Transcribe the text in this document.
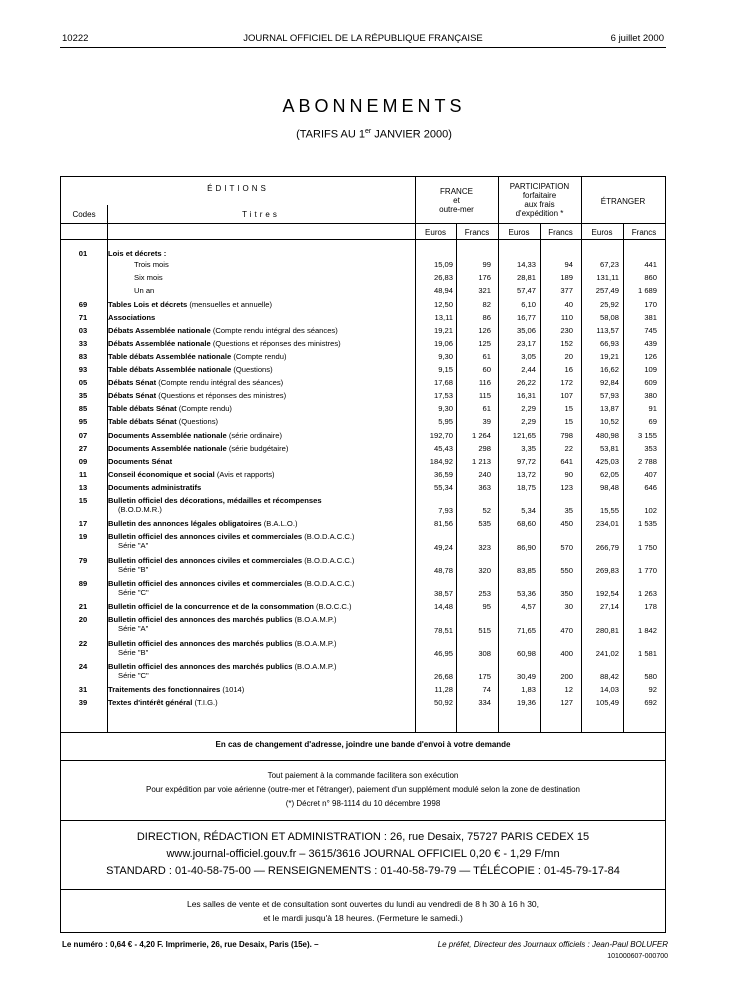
10222	JOURNAL OFFICIEL DE LA RÉPUBLIQUE FRANÇAISE	6 juillet 2000
ABONNEMENTS
(TARIFS AU 1er JANVIER 2000)
ÉDITIONS
Codes	Titres
FRANCE
et
outre-mer
PARTICIPATION
forfaitaire
aux frais
d'expédition *
ÉTRANGER
Euros	Francs	Euros	Francs	Euros	Francs
01	Lois et décrets :
Trois mois	15,09	99	14,33	94	67,23	441
Six mois	26,83	176	28,81	189	131,11	860
Un an	48,94	321	57,47	377	257,49	1 689
69	Tables Lois et décrets (mensuelles et annuelle)	12,50	82	6,10	40	25,92	170
71	Associations	13,11	86	16,77	110	58,08	381
03	Débats Assemblée nationale (Compte rendu intégral des séances)	19,21	126	35,06	230	113,57	745
33	Débats Assemblée nationale (Questions et réponses des ministres)	19,06	125	23,17	152	66,93	439
83	Table débats Assemblée nationale (Compte rendu)	9,30	61	3,05	20	19,21	126
93	Table débats Assemblée nationale (Questions)	9,15	60	2,44	16	16,62	109
05	Débats Sénat (Compte rendu intégral des séances)	17,68	116	26,22	172	92,84	609
35	Débats Sénat (Questions et réponses des ministres)	17,53	115	16,31	107	57,93	380
85	Table débats Sénat (Compte rendu)	9,30	61	2,29	15	13,87	91
95	Table débats Sénat (Questions)	5,95	39	2,29	15	10,52	69
07	Documents Assemblée nationale (série ordinaire)	192,70	1 264	121,65	798	480,98	3 155
27	Documents Assemblée nationale (série budgétaire)	45,43	298	3,35	22	53,81	353
09	Documents Sénat	184,92	1 213	97,72	641	425,03	2 788
11	Conseil économique et social (Avis et rapports)	36,59	240	13,72	90	62,05	407
13	Documents administratifs	55,34	363	18,75	123	98,48	646
15	Bulletin officiel des décorations, médailles et récompenses
(B.O.D.M.R.)	7,93	52	5,34	35	15,55	102
17	Bulletin des annonces légales obligatoires (B.A.L.O.)	81,56	535	68,60	450	234,01	1 535
19	Bulletin officiel des annonces civiles et commerciales (B.O.D.A.C.C.)
Série "A"	49,24	323	86,90	570	266,79	1 750
79	Bulletin officiel des annonces civiles et commerciales (B.O.D.A.C.C.)
Série "B"	48,78	320	83,85	550	269,83	1 770
89	Bulletin officiel des annonces civiles et commerciales (B.O.D.A.C.C.)
Série "C"	38,57	253	53,36	350	192,54	1 263
21	Bulletin officiel de la concurrence et de la consommation (B.O.C.C.)	14,48	95	4,57	30	27,14	178
20	Bulletin officiel des annonces des marchés publics (B.O.A.M.P.)
Série "A"	78,51	515	71,65	470	280,81	1 842
22	Bulletin officiel des annonces des marchés publics (B.O.A.M.P.)
Série "B"	46,95	308	60,98	400	241,02	1 581
24	Bulletin officiel des annonces des marchés publics (B.O.A.M.P.)
Série "C"	26,68	175	30,49	200	88,42	580
31	Traitements des fonctionnaires (1014)	11,28	74	1,83	12	14,03	92
39	Textes d'intérêt général (T.I.G.)	50,92	334	19,36	127	105,49	692
En cas de changement d'adresse, joindre une bande d'envoi à votre demande
Tout paiement à la commande facilitera son exécution
Pour expédition par voie aérienne (outre-mer et l'étranger), paiement d'un supplément modulé selon la zone de destination
(*) Décret n° 98-1114 du 10 décembre 1998
DIRECTION, RÉDACTION ET ADMINISTRATION : 26, rue Desaix, 75727 PARIS CEDEX 15
www.journal-officiel.gouv.fr – 3615/3616 JOURNAL OFFICIEL 0,20 € - 1,29 F/mn
STANDARD : 01-40-58-75-00 — RENSEIGNEMENTS : 01-40-58-79-79 — TÉLÉCOPIE : 01-45-79-17-84
Les salles de vente et de consultation sont ouvertes du lundi au vendredi de 8 h 30 à 16 h 30,
et le mardi jusqu'à 18 heures. (Fermeture le samedi.)
Le numéro : 0,64 € - 4,20 F. Imprimerie, 26, rue Desaix, Paris (15e). –	Le préfet, Directeur des Journaux officiels : Jean-Paul BOLUFER
101000607-000700
